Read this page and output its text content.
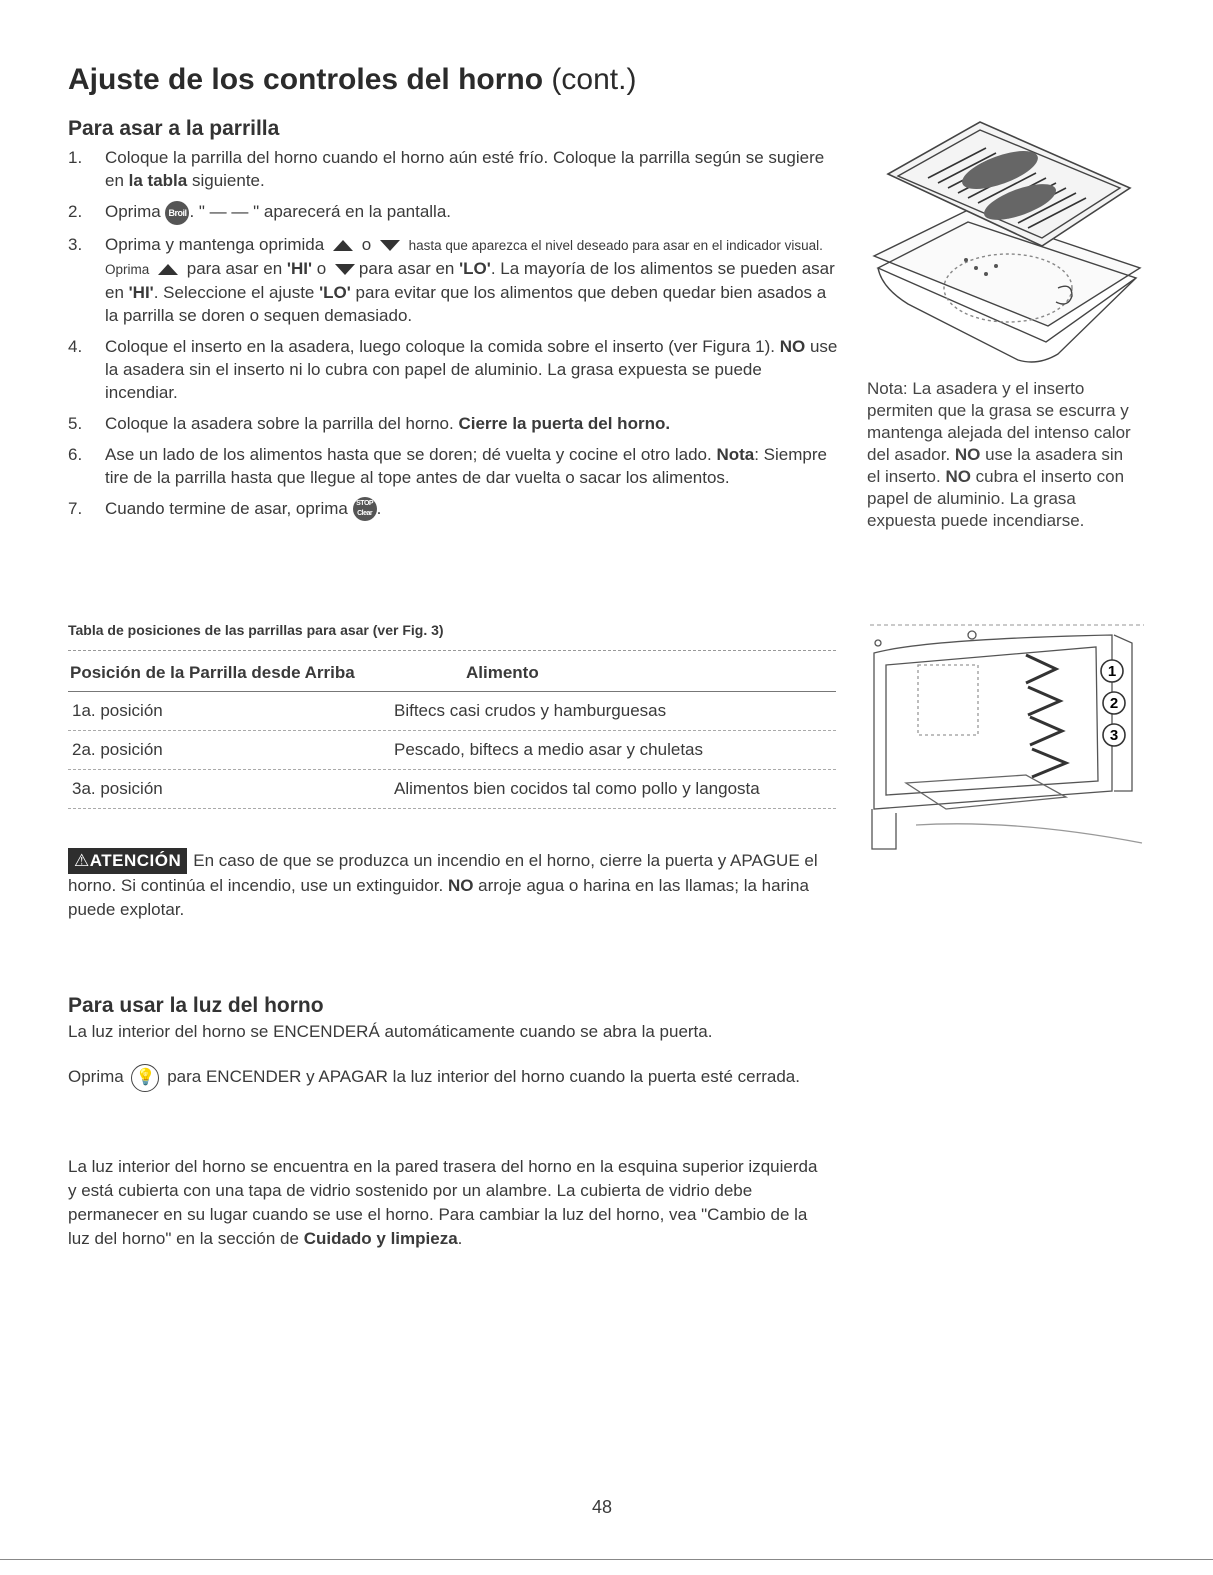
Ajuste de los controles del horno (cont.)
Para asar a la parrilla
1. Coloque la parrilla del horno cuando el horno aún esté frío. Coloque la parrilla según se sugiere en la tabla siguiente.
2. Oprima Broil . " — — " aparecerá en la pantalla.
3. Oprima y mantenga oprimida o	hasta que aparezca el nivel deseado para asar en el indicador visual. Oprima para asar en 'HI' o para asar en 'LO'. La mayoría de los alimentos se pueden asar en 'HI'. Seleccione el ajuste 'LO' para evitar que los alimentos que deben quedar bien asados a la parrilla se doren o sequen demasiado.
4. Coloque el inserto en la asadera, luego coloque la comida sobre el inserto (ver Figura 1). NO use la asadera sin el inserto ni lo cubra con papel de aluminio. La grasa expuesta se puede incendiar.
5. Coloque la asadera sobre la parrilla del horno. Cierre la puerta del horno.
6. Ase un lado de los alimentos hasta que se doren; dé vuelta y cocine el otro lado. Nota: Siempre tire de la parrilla hasta que llegue al tope antes de dar vuelta o sacar los alimentos.
7. Cuando termine de asar, oprima STOP Clear .
Nota: La asadera y el inserto permiten que la grasa se escurra y mantenga alejada del intenso calor del asador. NO use la asadera sin el inserto. NO cubra el inserto con papel de aluminio. La grasa expuesta puede incendiarse.
Tabla de posiciones de las parrillas para asar (ver Fig. 3)
Posición de la Parrilla desde Arriba	Alimento
1a. posición	Biftecs casi crudos y hamburguesas
2a. posición	Pescado, biftecs a medio asar y chuletas
3a. posición	Alimentos bien cocidos tal como pollo y langosta
1
2
3
⚠ATENCIÓN En caso de que se produzca un incendio en el horno, cierre la puerta y APAGUE el horno. Si continúa el incendio, use un extinguidor. NO arroje agua o harina en las llamas; la harina puede explotar.
Para usar la luz del horno
La luz interior del horno se ENCENDERÁ automáticamente cuando se abra la puerta.
Oprima 💡 para ENCENDER y APAGAR la luz interior del horno cuando la puerta esté cerrada.
La luz interior del horno se encuentra en la pared trasera del horno en la esquina superior izquierda y está cubierta con una tapa de vidrio sostenido por un alambre. La cubierta de vidrio debe permanecer en su lugar cuando se use el horno. Para cambiar la luz del horno, vea "Cambio de la luz del horno" en la sección de Cuidado y limpieza.
48
